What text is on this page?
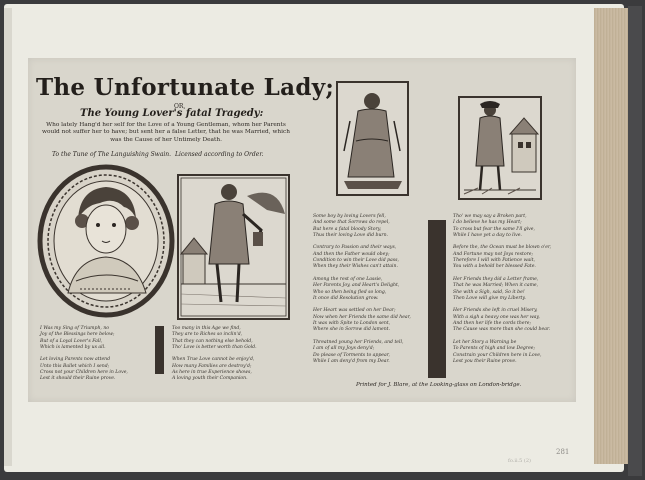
The Unfortunate Lady;
OR,
The Young Lover's fatal Tragedy:
Who lately Hang'd her self for the Love of a Young Gentleman, whom her Parents would not suffer her to have; but sent her a false Letter, that he was Married, which was the Cause of her Untimely Death.
To the Tune of The Languishing Swain. Licensed according to Order.
I Was my Sing of Triumph, no
Joy of the Blessings here below;
But of a Loyal Lover's Fall,
Which is lamented by us all.

Let loving Parents now attend
Unto this Ballet which I send;
Cross not your Children here in Love,
Lest it should their Ruine prove.
Too many in this Age we find,
They are to Riches so inclin'd,
That they can nothing else behold,
Tho' Love is better worth than Gold.

When True Love cannot be enjoy'd,
How many Families are destroy'd;
As here in true Experience shows,
A loving youth their Companion.
Some boy by loving Lovers fell,
And some that Sorrows do repel,
But here a fatal bloody Story,
Thus their loving Love did burn.

Contrary to Passion and their ways,
And then the Father would obey;
Condition to win their Love did pass,
When they their Wishes can't attain.

Among the rest of one Lassie,
Her Parents Joy, and Heart's Delight,
Who so then being fled so long,
It once did Resolution grow.

Her Heart was settled on her Dear;
Now when her Friends the same did hear,
It was with Spite to London sent,
Where she in Sorrow did lament.

Threatned young her Friends, and tell,
I am of all my Joys deny'd;
Do please of Torments to appear,
While I am deny'd from my Dear.
Tho' we may say a Broken part,
I do believe he has my Heart;
To cross but fear the same I'll give,
While I have yet a day to live.

Before the, the Ocean must be blown o'er,
And Fortune may not Joys restore;
Therefore I will with Patience wait,
You with a behold her blessed Fate.

Her Friends they did a Letter frame,
That he was Married; When it came,
She with a Sigh, said, So it be!
Then Love will give my Liberty.

Her Friends she left in cruel Misery,
With a sigh a heavy one was her way,
And then her life the cords there;
The Cause was more than she could bear.

Let her Story a Warning be
To Parents of high and low Degree;
Constrain your Children here in Love,
Lest you their Ruine prove.
Printed for J. Blare, at the Looking-glass on London-bridge.
fo.ii.5 (2)
281
